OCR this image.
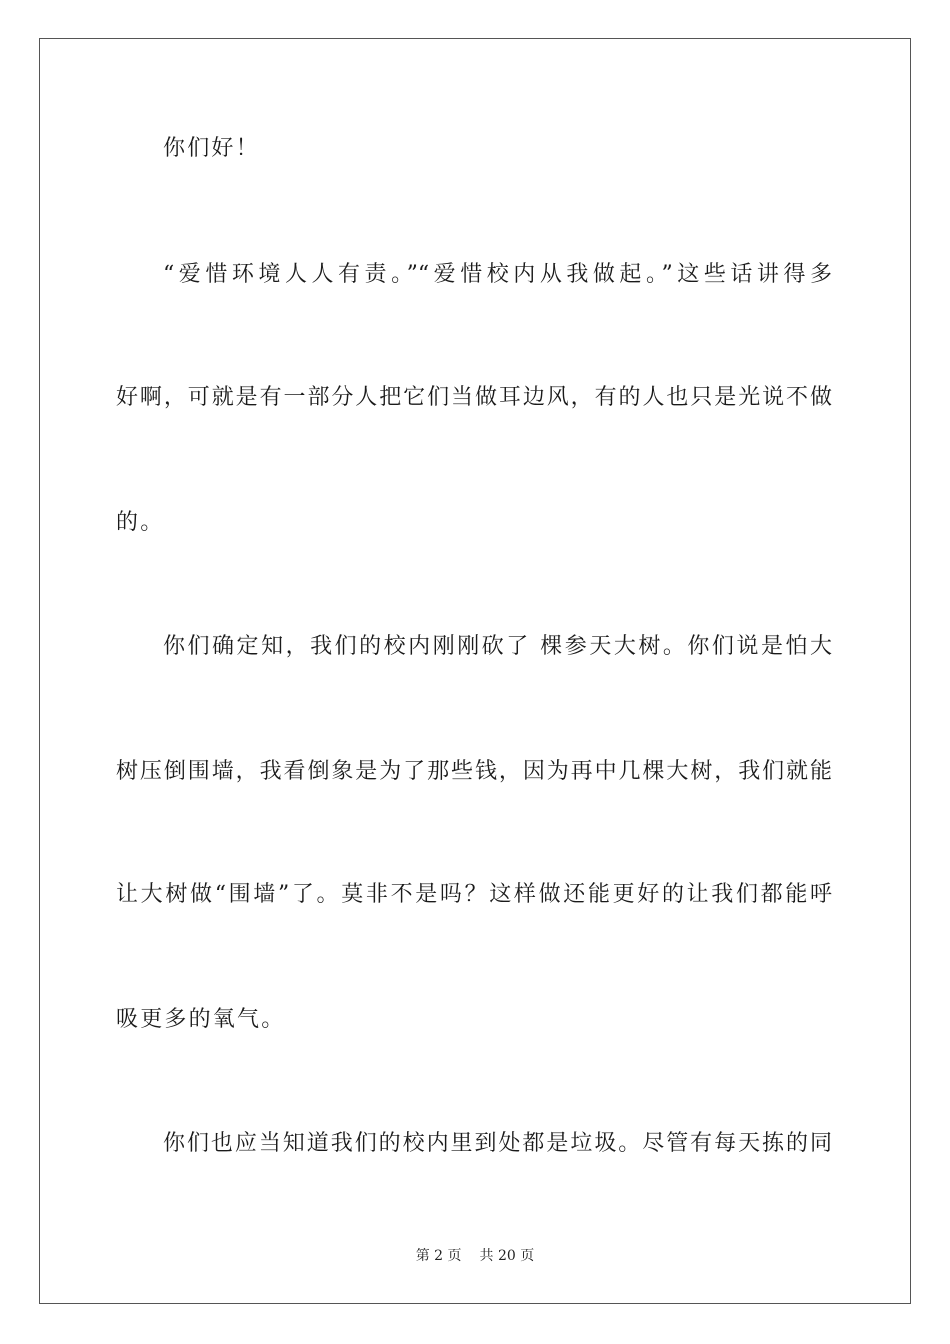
你们好！
“爱惜环境人人有责。”“爱惜校内从我做起。”这些话讲得多
好啊，可就是有一部分人把它们当做耳边风，有的人也只是光说不做
的。
你们确定知，我们的校内刚刚砍了 棵参天大树。你们说是怕大
树压倒围墙，我看倒象是为了那些钱，因为再中几棵大树，我们就能
让大树做“围墙”了。莫非不是吗？这样做还能更好的让我们都能呼
吸更多的氧气。
你们也应当知道我们的校内里到处都是垃圾。尽管有每天拣的同
第 2 页 共 20 页
